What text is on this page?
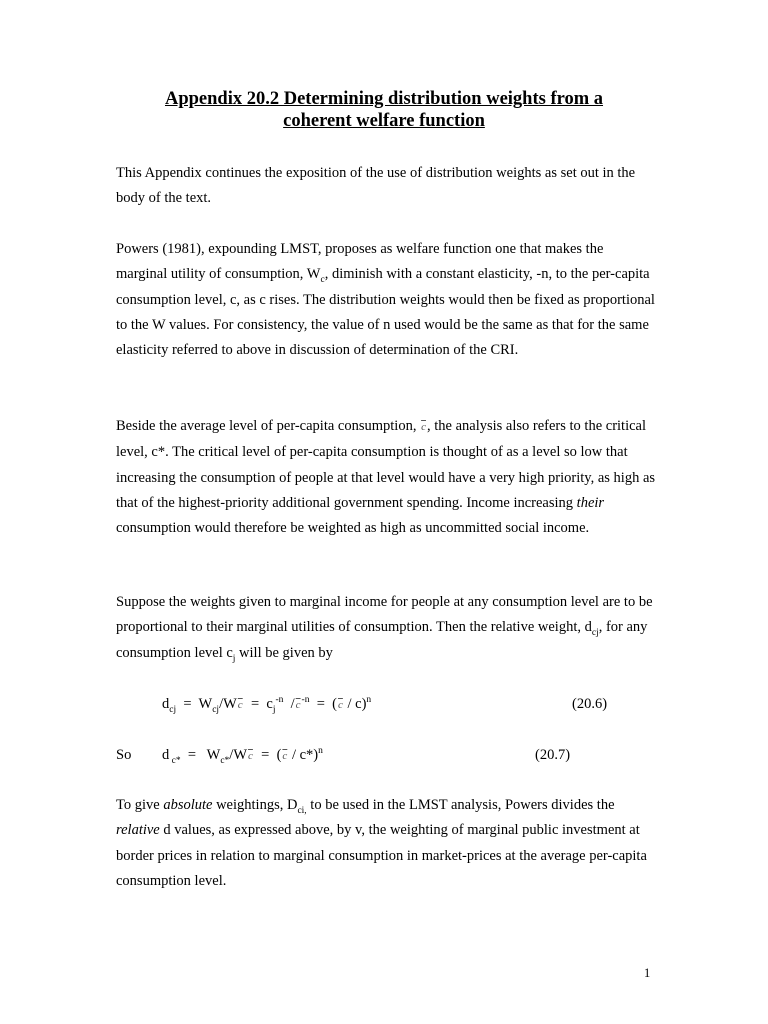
Appendix 20.2 Determining distribution weights from a
coherent welfare function

This Appendix continues the exposition of the use of distribution weights as set out in the body of the text.

Powers (1981), expounding LMST, proposes as welfare function one that makes the marginal utility of consumption, $W_c$, diminish with a constant elasticity, -n, to the per-capita consumption level, c, as c rises. The distribution weights would then be fixed as proportional to the W values. For consistency, the value of n used would be the same as that for the same elasticity referred to above in discussion of determination of the CRI.

Beside the average level of per-capita consumption, $\overline{c}$, the analysis also refers to the critical level, c*. The critical level of per-capita consumption is thought of as a level so low that increasing the consumption of people at that level would have a very high priority, as high as that of the highest-priority additional government spending. Income increasing their consumption would therefore be weighted as high as uncommitted social income.

Suppose the weights given to marginal income for people at any consumption level are to be proportional to their marginal utilities of consumption. Then the relative weight, $d_{cj}$, for any consumption level $c_j$ will be given by

$d_{cj} = W_{cj}/W\overline{c} = c_j^{-n}$  $/\overline{c}^{-n} = (\overline{c} / c)^n$	(20.6)
So d $_{c*} = W_{c*}/W\overline{c} = (\overline{c} / c*)^n$	(20.7)

To give absolute weightings, $D_{ci,}$ to be used in the LMST analysis, Powers divides the
relative d values, as expressed above, by v, the weighting of marginal public investment at border prices in relation to marginal consumption in market-prices at the average per-capita consumption level.

1
